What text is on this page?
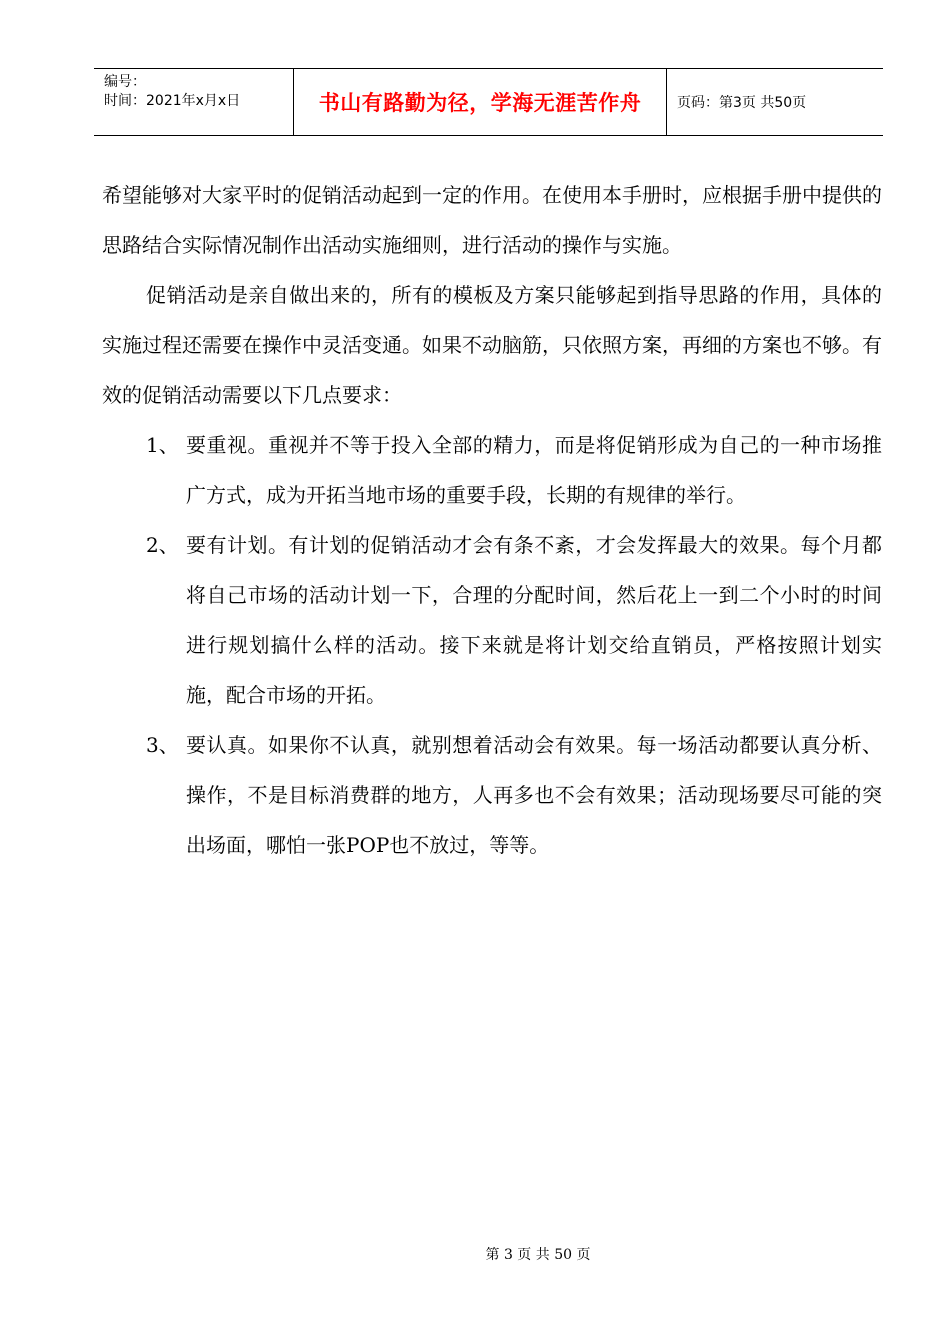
编号：
时间：2021年x月x日	书山有路勤为径，学海无涯苦作舟	页码：第3页 共50页

希望能够对大家平时的促销活动起到一定的作用。在使用本手册时，应根据手册中提供的思路结合实际情况制作出活动实施细则，进行活动的操作与实施。

促销活动是亲自做出来的，所有的模板及方案只能够起到指导思路的作用，具体的实施过程还需要在操作中灵活变通。如果不动脑筋，只依照方案，再细的方案也不够。有效的促销活动需要以下几点要求：

1、 要重视。重视并不等于投入全部的精力，而是将促销形成为自己的一种市场推广方式，成为开拓当地市场的重要手段，长期的有规律的举行。
2、 要有计划。有计划的促销活动才会有条不紊，才会发挥最大的效果。每个月都将自己市场的活动计划一下，合理的分配时间，然后花上一到二个小时的时间进行规划搞什么样的活动。接下来就是将计划交给直销员，严格按照计划实施，配合市场的开拓。
3、 要认真。如果你不认真，就别想着活动会有效果。每一场活动都要认真分析、操作，不是目标消费群的地方，人再多也不会有效果；活动现场要尽可能的突出场面，哪怕一张POP也不放过，等等。
第 3 页 共 50 页
